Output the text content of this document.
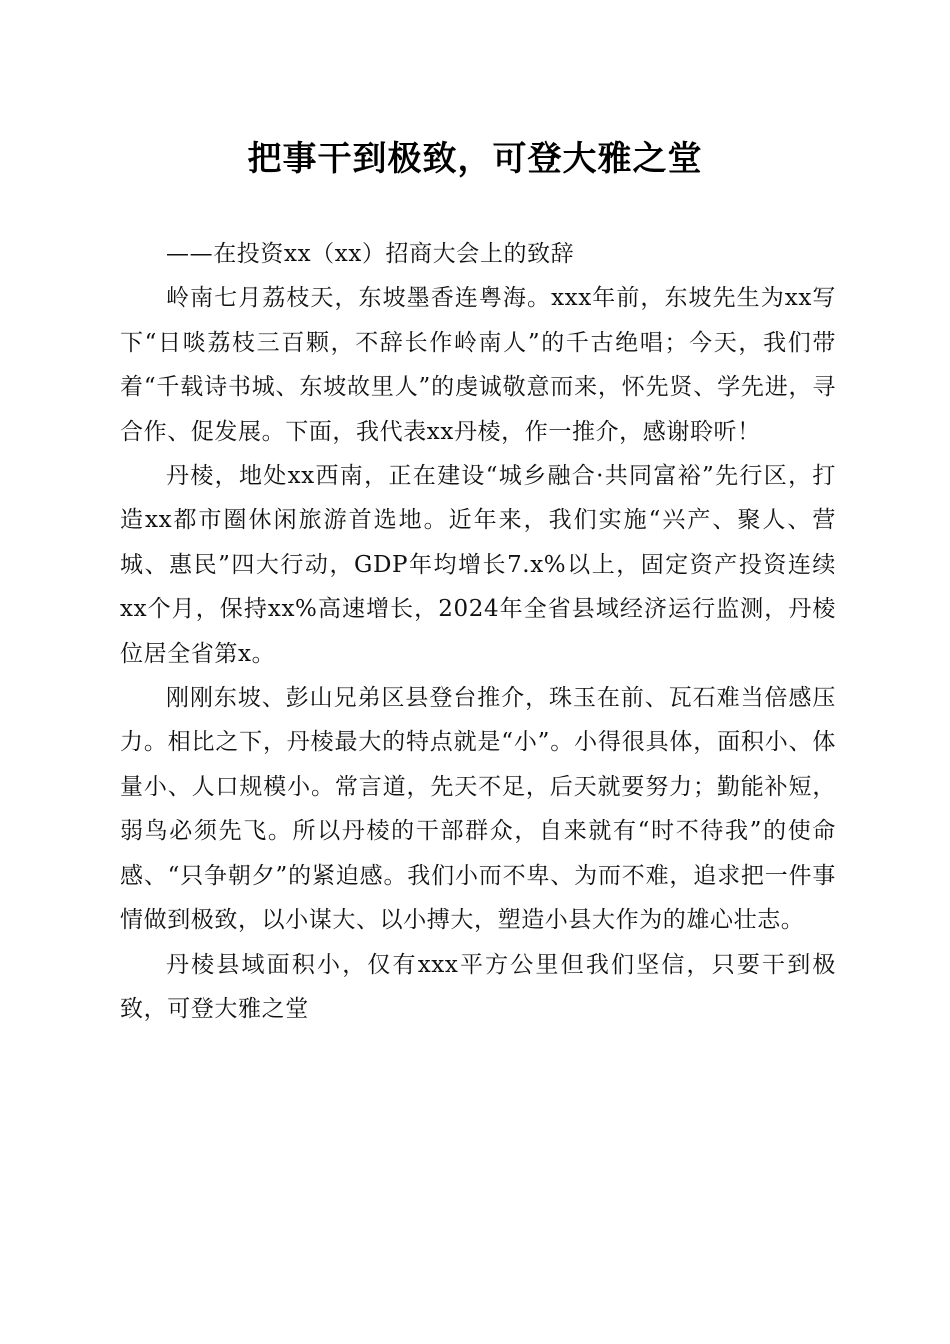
把事干到极致，可登大雅之堂

——在投资xx（xx）招商大会上的致辞

岭南七月荔枝天，东坡墨香连粤海。xxx年前，东坡先生为xx写下“日啖荔枝三百颗，不辞长作岭南人”的千古绝唱；今天，我们带着“千载诗书城、东坡故里人”的虔诚敬意而来，怀先贤、学先进，寻合作、促发展。下面，我代表xx丹棱，作一推介，感谢聆听！

丹棱，地处xx西南，正在建设“城乡融合·共同富裕”先行区，打造xx都市圈休闲旅游首选地。近年来，我们实施“兴产、聚人、营城、惠民”四大行动，GDP年均增长7.x%以上，固定资产投资连续xx个月，保持xx%高速增长，2024年全省县域经济运行监测，丹棱位居全省第x。

刚刚东坡、彭山兄弟区县登台推介，珠玉在前、瓦石难当倍感压力。相比之下，丹棱最大的特点就是“小”。小得很具体，面积小、体量小、人口规模小。常言道，先天不足，后天就要努力；勤能补短，弱鸟必须先飞。所以丹棱的干部群众，自来就有“时不待我”的使命感、“只争朝夕”的紧迫感。我们小而不卑、为而不难，追求把一件事情做到极致，以小谋大、以小搏大，塑造小县大作为的雄心壮志。

丹棱县域面积小，仅有xxx平方公里但我们坚信，只要干到极致，可登大雅之堂
